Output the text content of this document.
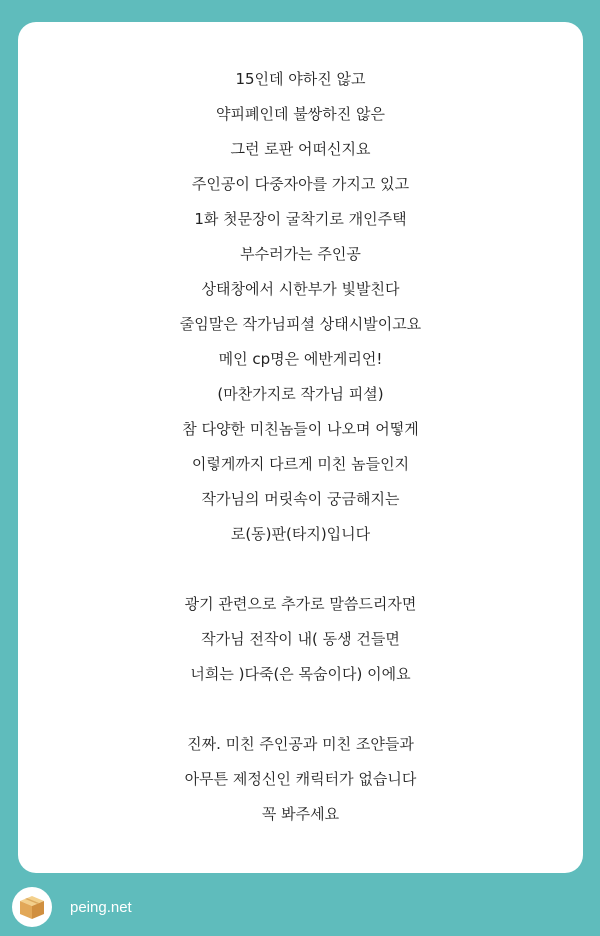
15인데 야하진 않고
약피폐인데 불쌍하진 않은
그런 로판 어떠신지요
주인공이 다중자아를 가지고 있고
1화 첫문장이 굴착기로 개인주택
부수러가는 주인공
상태창에서 시한부가 빛발친다
줄임말은 작가님피셜 상태시발이고요
메인 cp명은 에반게리언!
(마찬가지로 작가님 피셜)
참 다양한 미친놈들이 나오며 어떻게
이렇게까지 다르게 미친 놈들인지
작가님의 머릿속이 궁금해지는
로(동)판(타지)입니다
광기 관련으로 추가로 말씀드리자면
작가님 전작이 내( 동생 건들면
너희는 )다죽(은 목숨이다) 이에요
진짜. 미친 주인공과 미친 조얀들과
아무튼 제정신인 캐릭터가 없습니다
꼭 봐주세요
peing.net
